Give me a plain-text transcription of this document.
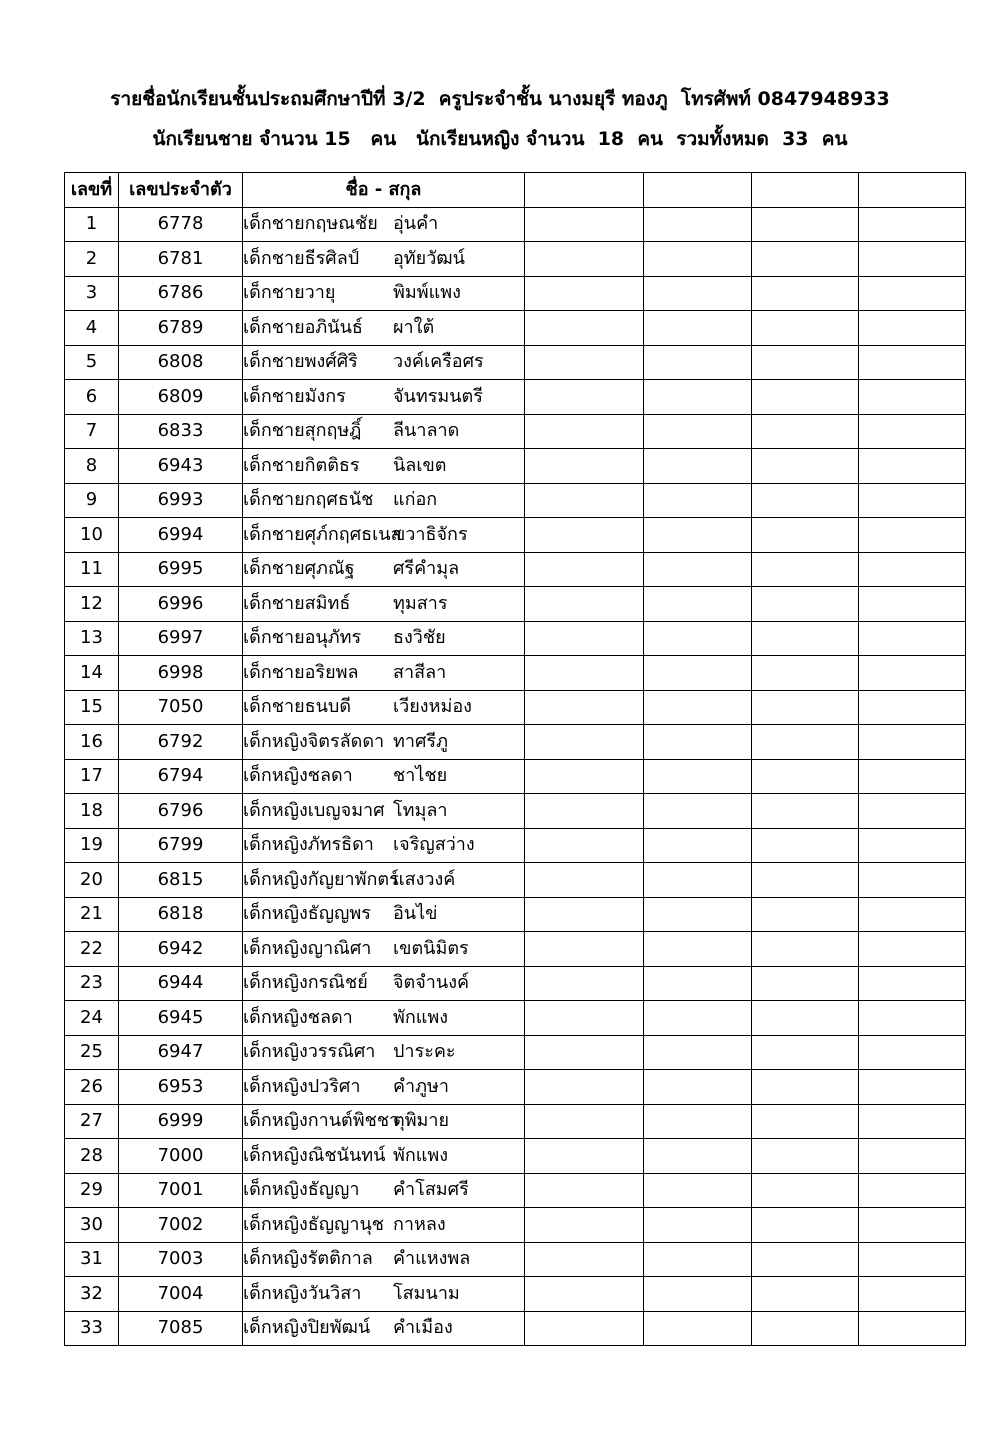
รายชื่อนักเรียนชั้นประถมศึกษาปีที่ 3/2  ครูประจำชั้น นางมยุรี ทองภู  โทรศัพท์ 0847948933
นักเรียนชาย จำนวน 15   คน   นักเรียนหญิง จำนวน  18  คน  รวมทั้งหมด  33  คน
เลขที่	เลขประจำตัว	ชื่อ - สกุล				
1	6778	เด็กชายกฤษณชัย อุ่นคำ				
2	6781	เด็กชายธีรศิลป์ อุทัยวัฒน์				
3	6786	เด็กชายวายุ พิมพ์แพง				
4	6789	เด็กชายอภินันธ์ ผาใต้				
5	6808	เด็กชายพงศ์ศิริ วงค์เครือศร				
6	6809	เด็กชายมังกร จันทรมนตรี				
7	6833	เด็กชายสุกฤษฎิ์ ลีนาลาด				
8	6943	เด็กชายกิตติธร นิลเขต				
9	6993	เด็กชายกฤศธนัช แก่อก				
10	6994	เด็กชายศุภ์กฤศธเนสขวาธิจักร				
11	6995	เด็กชายศุภณัฐ ศรีคำมุล				
12	6996	เด็กชายสมิทธ์ ทุมสาร				
13	6997	เด็กชายอนุภัทร ธงวิชัย				
14	6998	เด็กชายอริยพล สาสีลา				
15	7050	เด็กชายธนบดี เวียงหม่อง				
16	6792	เด็กหญิงจิตรลัดดา ทาศรีภู				
17	6794	เด็กหญิงชลดา ชาไชย				
18	6796	เด็กหญิงเบญจมาศ โทมุลา				
19	6799	เด็กหญิงภัทรธิดา เจริญสว่าง				
20	6815	เด็กหญิงกัญยาพักตร์แสงวงค์				
21	6818	เด็กหญิงธัญญพร อินไข่				
22	6942	เด็กหญิงญาณิศา เขตนิมิตร				
23	6944	เด็กหญิงกรณิชย์ จิตจำนงค์				
24	6945	เด็กหญิงชลดา พักแพง				
25	6947	เด็กหญิงวรรณิศา ปาระคะ				
26	6953	เด็กหญิงปวริศา คำภูษา				
27	6999	เด็กหญิงกานต์พิชชาตุพิมาย				
28	7000	เด็กหญิงณิชนันทน์ พักแพง				
29	7001	เด็กหญิงธัญญา คำโสมศรี				
30	7002	เด็กหญิงธัญญานุช กาหลง				
31	7003	เด็กหญิงรัตติกาล คำแหงพล				
32	7004	เด็กหญิงวันวิสา โสมนาม				
33	7085	เด็กหญิงปิยพัฒน์ คำเมือง				
